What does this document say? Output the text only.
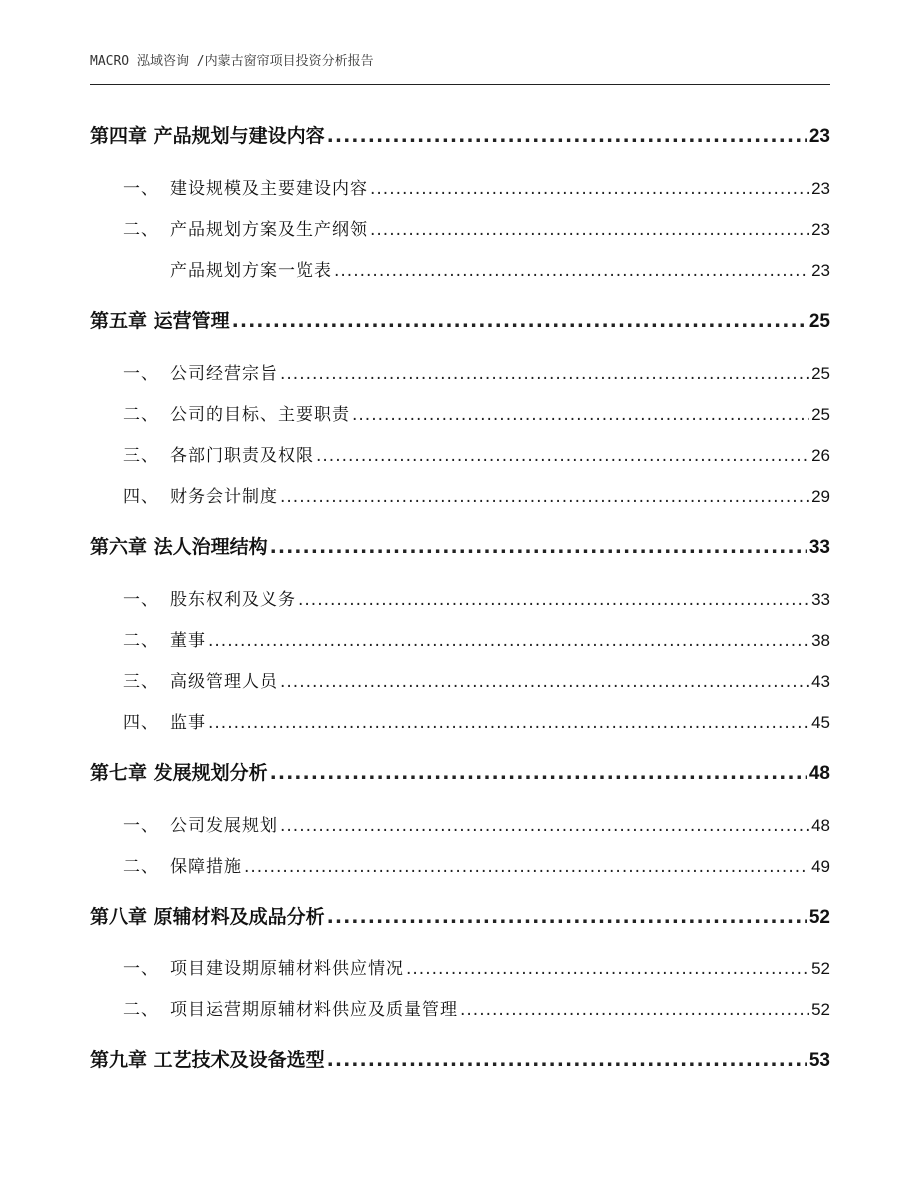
MACRO 泓域咨询 /内蒙古窗帘项目投资分析报告
第四章 产品规划与建设内容 .....	23
一、 建设规模及主要建设内容 .....	23
二、 产品规划方案及生产纲领 .....	23
产品规划方案一览表 .....	23
第五章 运营管理 .....	25
一、 公司经营宗旨 .....	25
二、 公司的目标、主要职责 .....	25
三、 各部门职责及权限 .....	26
四、 财务会计制度 .....	29
第六章 法人治理结构 .....	33
一、 股东权利及义务 .....	33
二、 董事 .....	38
三、 高级管理人员 .....	43
四、 监事 .....	45
第七章 发展规划分析 .....	48
一、 公司发展规划 .....	48
二、 保障措施 .....	49
第八章 原辅材料及成品分析 .....	52
一、 项目建设期原辅材料供应情况 .....	52
二、 项目运营期原辅材料供应及质量管理 .....	52
第九章 工艺技术及设备选型 .....	53
